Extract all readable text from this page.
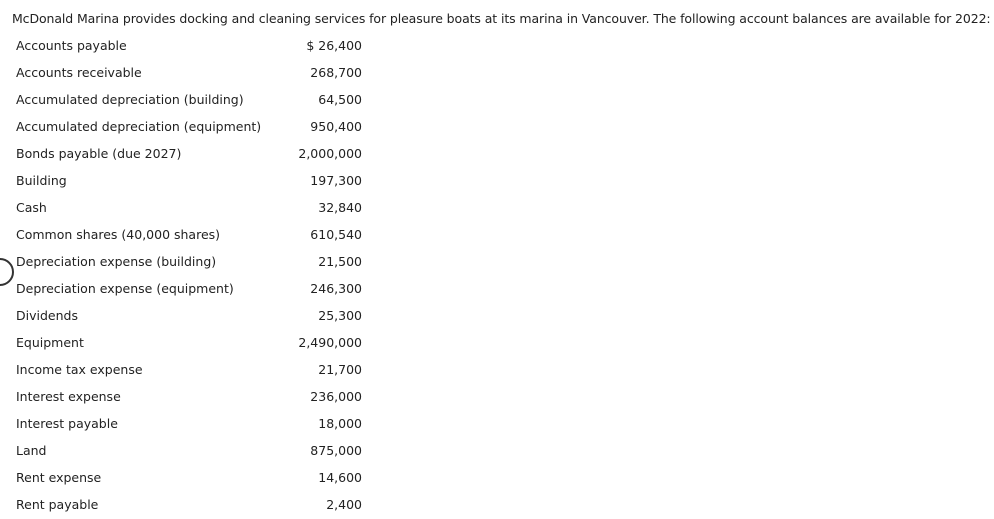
McDonald Marina provides docking and cleaning services for pleasure boats at its marina in Vancouver. The following account balances are available for 2022:
Accounts payable	$ 26,400
Accounts receivable	268,700
Accumulated depreciation (building)	64,500
Accumulated depreciation (equipment)	950,400
Bonds payable (due 2027)	2,000,000
Building	197,300
Cash	32,840
Common shares (40,000 shares)	610,540
Depreciation expense (building)	21,500
Depreciation expense (equipment)	246,300
Dividends	25,300
Equipment	2,490,000
Income tax expense	21,700
Interest expense	236,000
Interest payable	18,000
Land	875,000
Rent expense	14,600
Rent payable	2,400
